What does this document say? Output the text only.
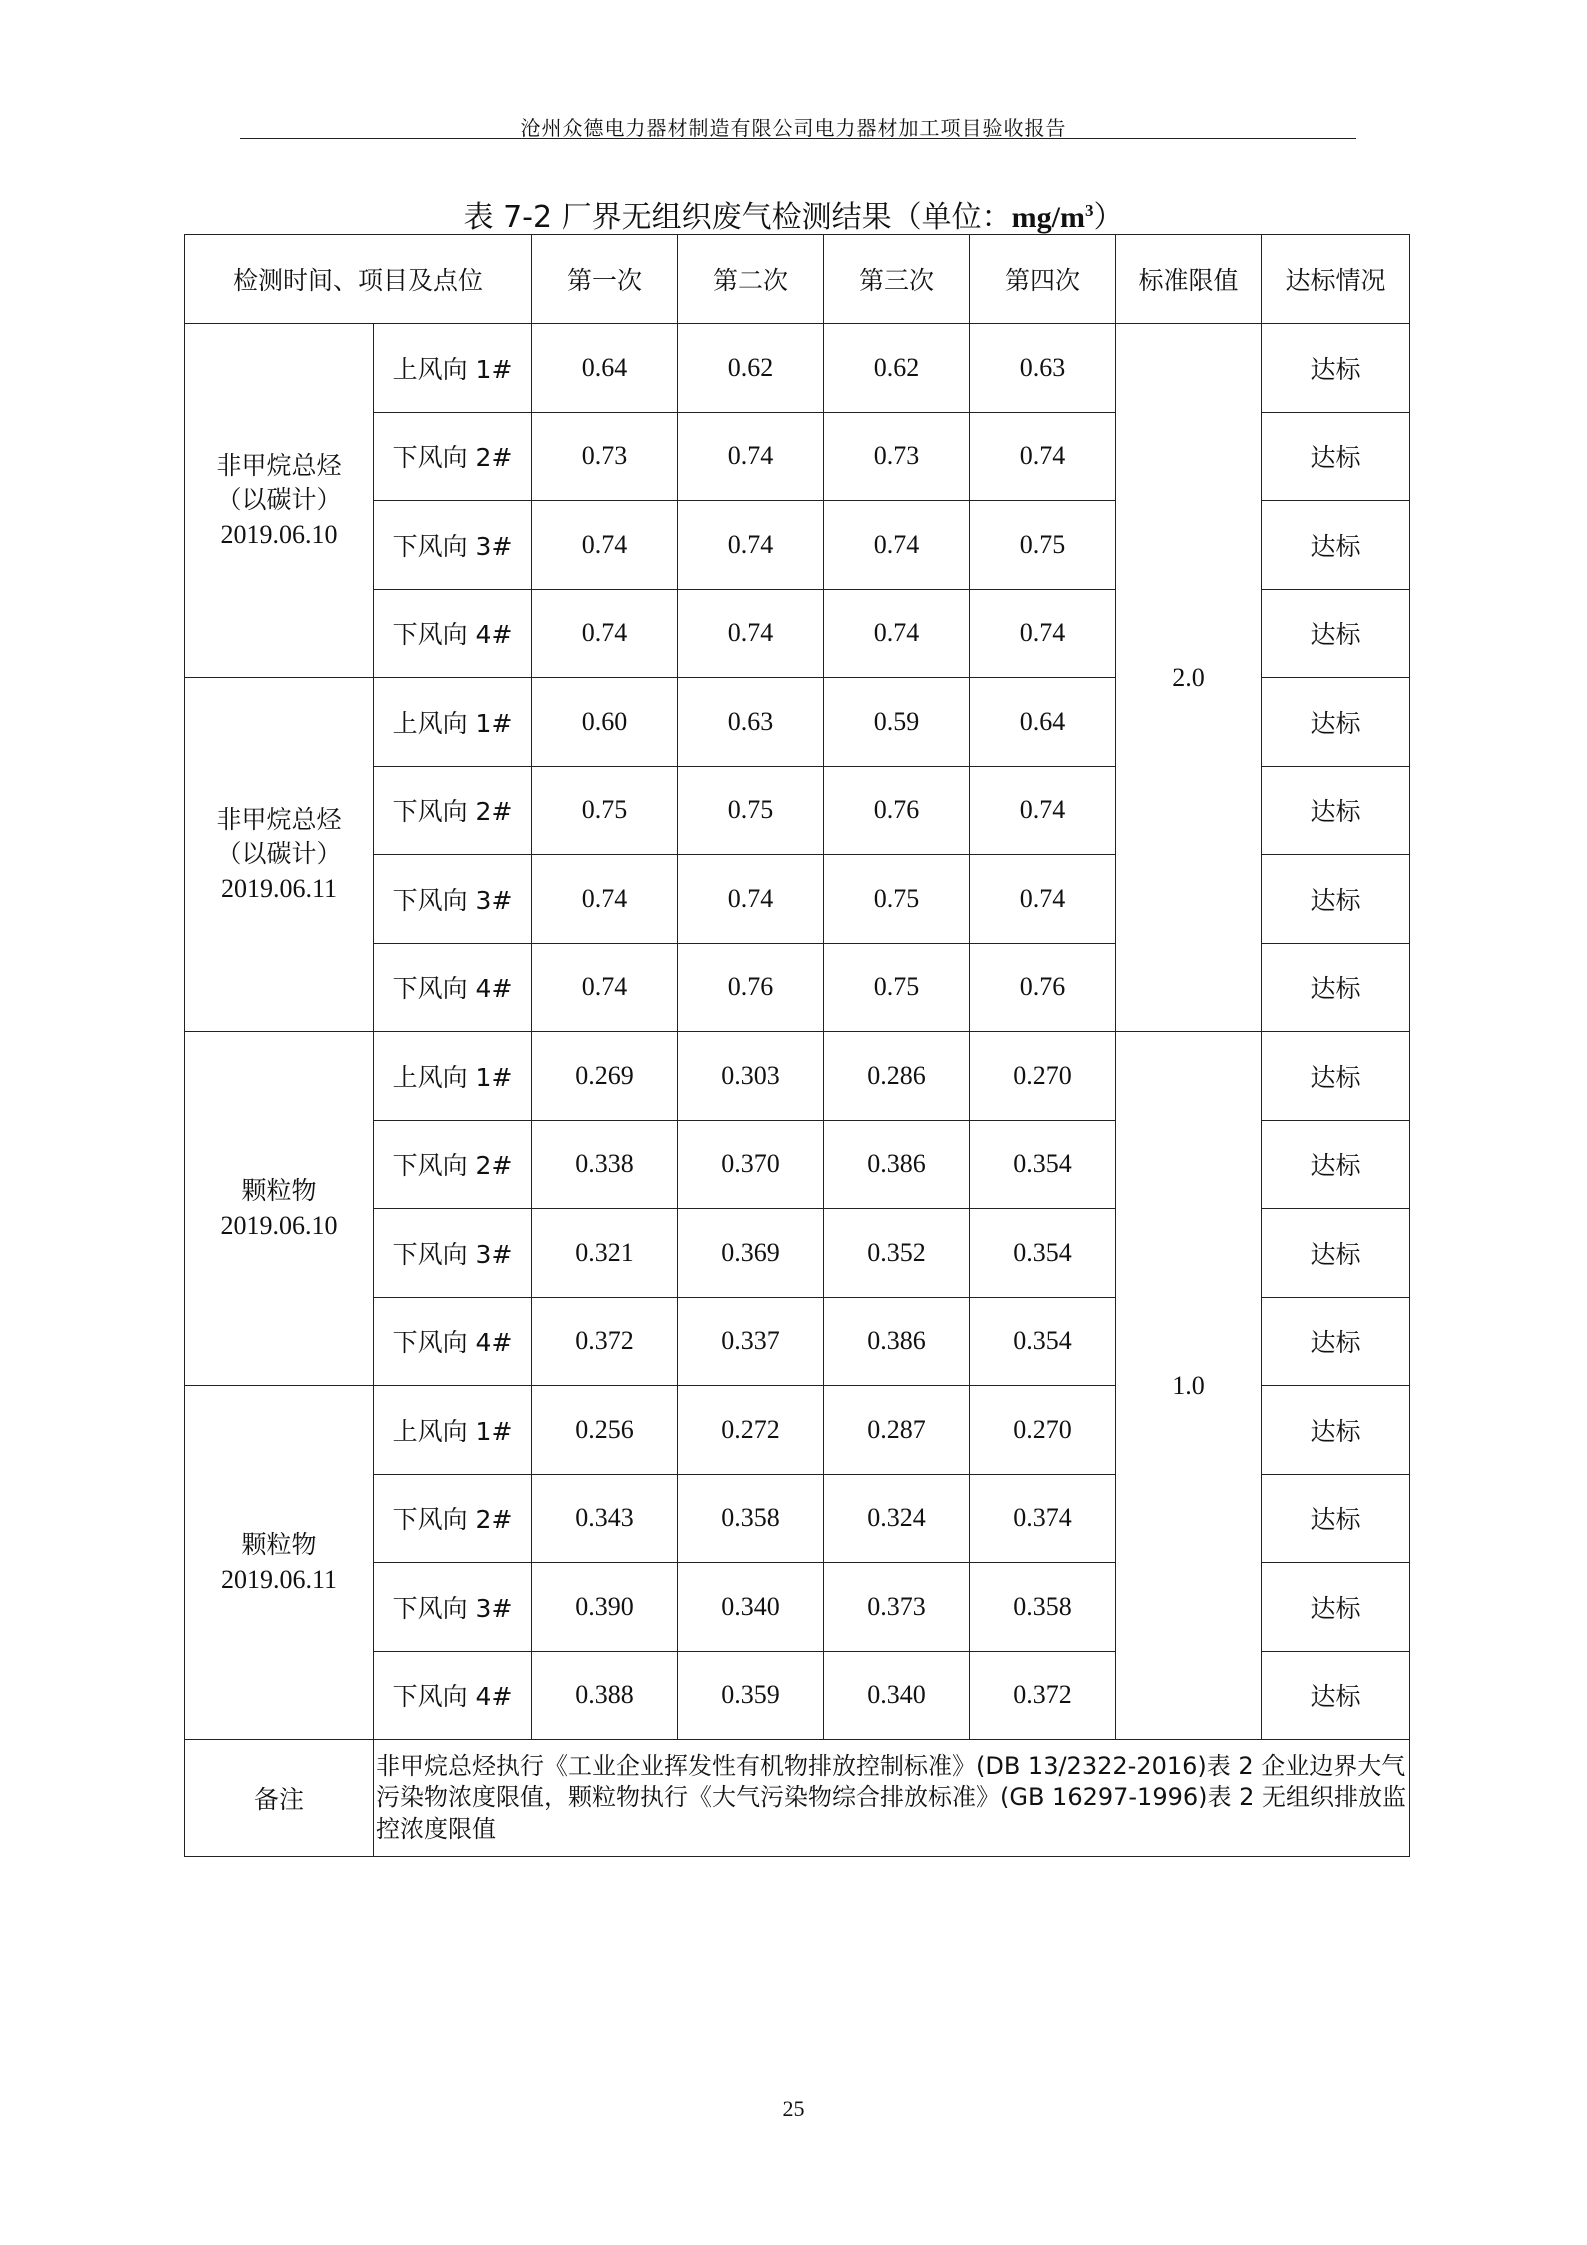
沧州众德电力器材制造有限公司电力器材加工项目验收报告
表 7-2 厂界无组织废气检测结果（单位：$mg/m^3$）
检测时间、项目及点位		第一次	第二次	第三次	第四次	标准限值	达标情况

非甲烷总烃
（以碳计）
2019.06.10	上风向 1#	0.64	0.62	0.62	0.63	2.0	达标
	下风向 2#	0.73	0.74	0.73	0.74		达标
	下风向 3#	0.74	0.74	0.74	0.75		达标
	下风向 4#	0.74	0.74	0.74	0.74		达标

非甲烷总烃
（以碳计）
2019.06.11	上风向 1#	0.60	0.63	0.59	0.64		达标
	下风向 2#	0.75	0.75	0.76	0.74		达标
	下风向 3#	0.74	0.74	0.75	0.74		达标
	下风向 4#	0.74	0.76	0.75	0.76		达标

颗粒物
2019.06.10	上风向 1#	0.269	0.303	0.286	0.270	1.0	达标
	下风向 2#	0.338	0.370	0.386	0.354		达标
	下风向 3#	0.321	0.369	0.352	0.354		达标
	下风向 4#	0.372	0.337	0.386	0.354		达标

颗粒物
2019.06.11	上风向 1#	0.256	0.272	0.287	0.270		达标
	下风向 2#	0.343	0.358	0.324	0.374		达标
	下风向 3#	0.390	0.340	0.373	0.358		达标
	下风向 4#	0.388	0.359	0.340	0.372		达标
备注	非甲烷总烃执行《工业企业挥发性有机物排放控制标准》(DB 13/2322-2016)表 2 企业边界大气污染物浓度限值，颗粒物执行《大气污染物综合排放标准》(GB 16297-1996)表 2 无组织排放监控浓度限值						
25
